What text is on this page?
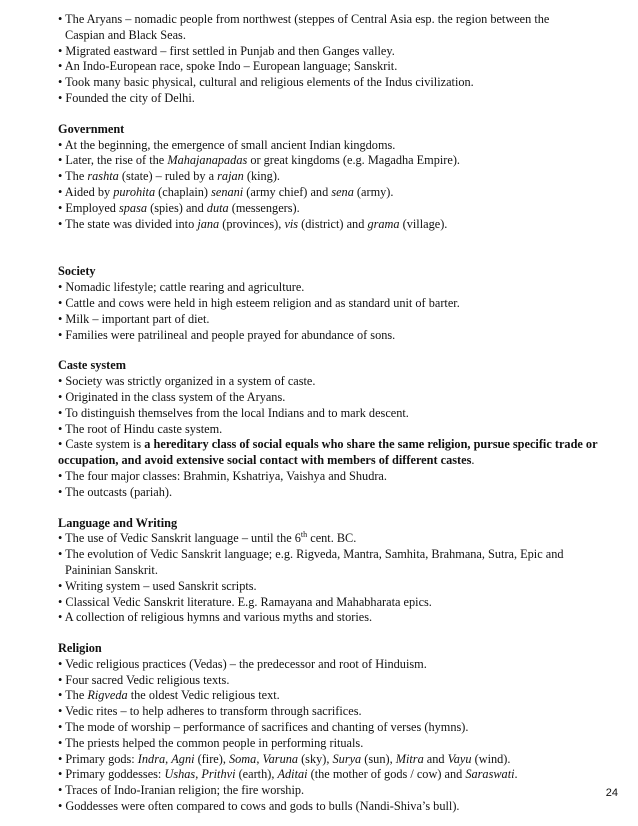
• The Aryans – nomadic people from northwest (steppes of Central Asia esp. the region between the
Caspian and Black Seas.
• Migrated eastward – first settled in Punjab and then Ganges valley.
• An Indo-European race, spoke Indo – European language; Sanskrit.
• Took many basic physical, cultural and religious elements of the Indus civilization.
• Founded the city of Delhi.
Government
• At the beginning, the emergence of small ancient Indian kingdoms.
• Later, the rise of the Mahajanapadas or great kingdoms (e.g. Magadha Empire).
• The rashta (state) – ruled by a rajan (king).
• Aided by purohita (chaplain) senani (army chief) and sena (army).
• Employed spasa (spies) and duta (messengers).
• The state was divided into jana (provinces), vis (district) and grama (village).
Society
• Nomadic lifestyle; cattle rearing and agriculture.
• Cattle and cows were held in high esteem religion and as standard unit of barter.
• Milk – important part of diet.
• Families were patrilineal and people prayed for abundance of sons.
Caste system
• Society was strictly organized in a system of caste.
• Originated in the class system of the Aryans.
• To distinguish themselves from the local Indians and to mark descent.
• The root of Hindu caste system.
• Caste system is a hereditary class of social equals who share the same religion, pursue specific trade or
occupation, and avoid extensive social contact with members of different castes.
• The four major classes: Brahmin, Kshatriya, Vaishya and Shudra.
• The outcasts (pariah).
Language and Writing
• The use of Vedic Sanskrit language – until the 6th cent. BC.
• The evolution of Vedic Sanskrit language; e.g. Rigveda, Mantra, Samhita, Brahmana, Sutra, Epic and
Paininian Sanskrit.
• Writing system – used Sanskrit scripts.
• Classical Vedic Sanskrit literature. E.g. Ramayana and Mahabharata epics.
• A collection of religious hymns and various myths and stories.
Religion
• Vedic religious practices (Vedas) – the predecessor and root of Hinduism.
• Four sacred Vedic religious texts.
• The Rigveda the oldest Vedic religious text.
• Vedic rites – to help adheres to transform through sacrifices.
• The mode of worship – performance of sacrifices and chanting of verses (hymns).
• The priests helped the common people in performing rituals.
• Primary gods: Indra, Agni (fire), Soma, Varuna (sky), Surya (sun), Mitra and Vayu (wind).
• Primary goddesses: Ushas, Prithvi (earth), Aditai (the mother of gods / cow) and Saraswati.
• Traces of Indo-Iranian religion; the fire worship.
• Goddesses were often compared to cows and gods to bulls (Nandi-Shiva’s bull).
24
